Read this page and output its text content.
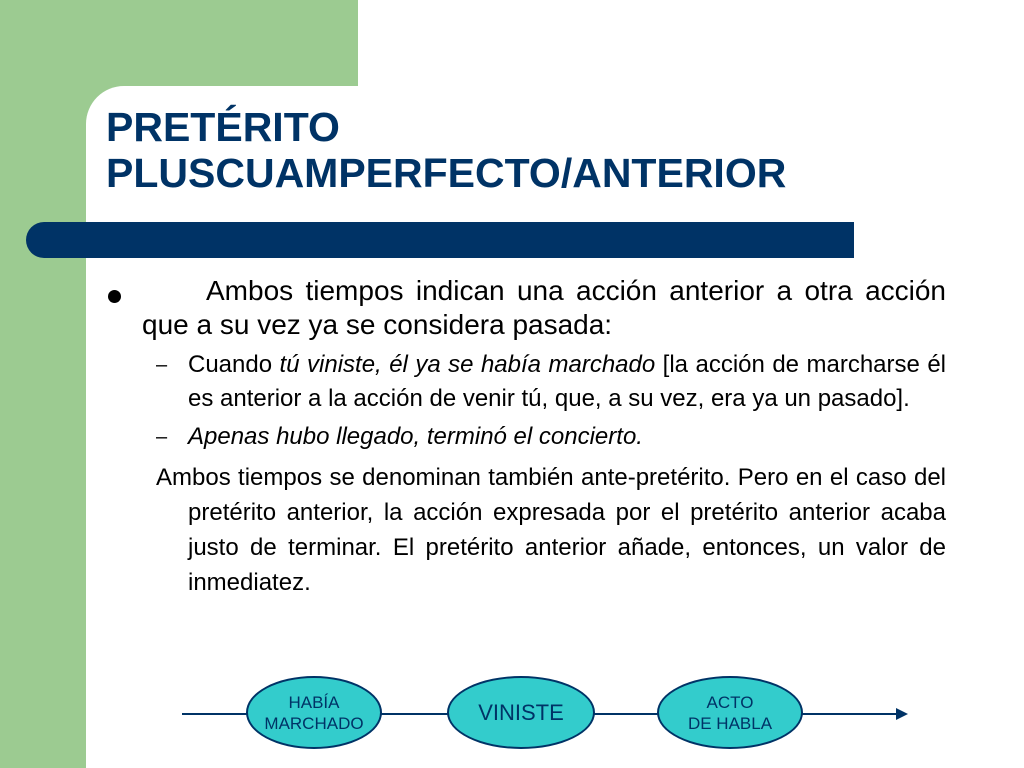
PRETÉRITO
PLUSCUAMPERFECTO/ANTERIOR
Ambos tiempos indican una acción anterior a otra acción que a su vez ya se considera pasada:
– Cuando tú viniste, él ya se había marchado [la acción de marcharse él es anterior a la acción de venir tú, que, a su vez, era ya un pasado].
– Apenas hubo llegado, terminó el concierto.
Ambos tiempos se denominan también ante-pretérito. Pero en el caso del pretérito anterior, la acción expresada por el pretérito anterior acaba justo de terminar. El pretérito anterior añade, entonces, un valor de inmediatez.
HABÍA
MARCHADO	VINISTE	ACTO
DE HABLA
